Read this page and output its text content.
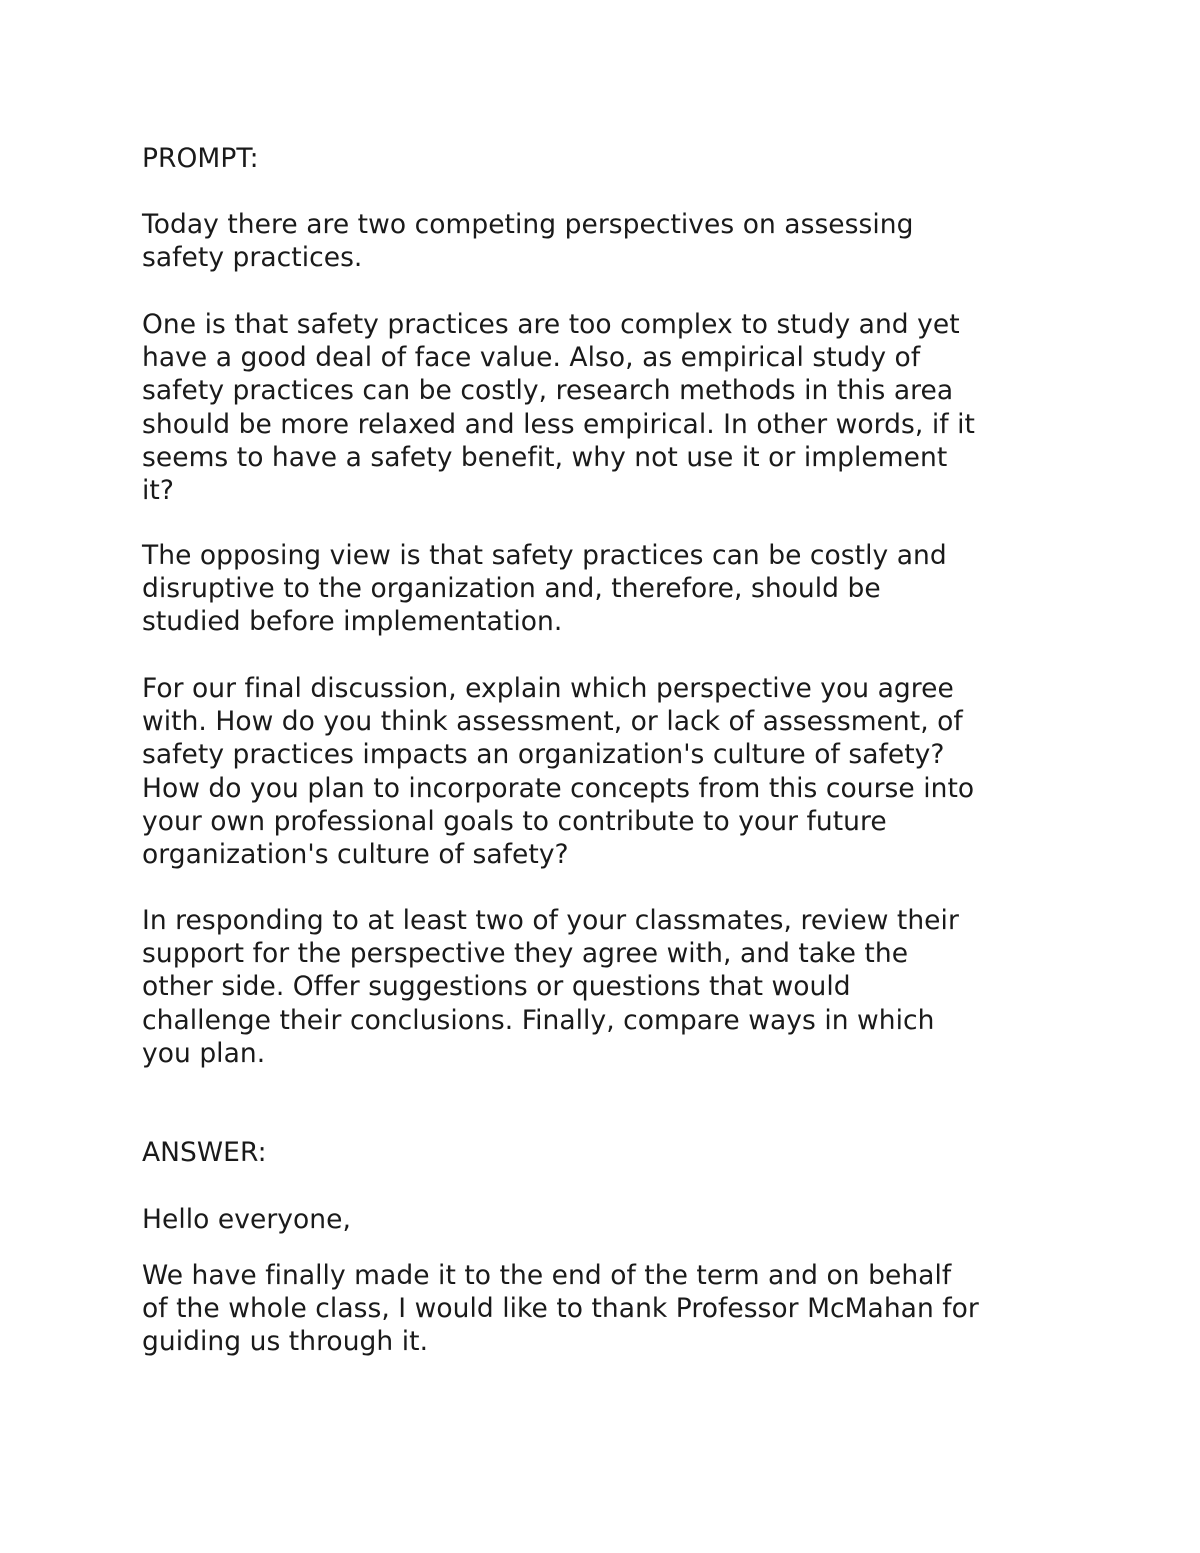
PROMPT:

Today there are two competing perspectives on assessing
safety practices.

One is that safety practices are too complex to study and yet
have a good deal of face value. Also, as empirical study of
safety practices can be costly, research methods in this area
should be more relaxed and less empirical. In other words, if it
seems to have a safety benefit, why not use it or implement
it?

The opposing view is that safety practices can be costly and
disruptive to the organization and, therefore, should be
studied before implementation.

For our final discussion, explain which perspective you agree
with. How do you think assessment, or lack of assessment, of
safety practices impacts an organization's culture of safety?
How do you plan to incorporate concepts from this course into
your own professional goals to contribute to your future
organization's culture of safety?

In responding to at least two of your classmates, review their
support for the perspective they agree with, and take the
other side. Offer suggestions or questions that would
challenge their conclusions. Finally, compare ways in which
you plan.

ANSWER:

Hello everyone,

We have finally made it to the end of the term and on behalf
of the whole class, I would like to thank Professor McMahan for
guiding us through it.
